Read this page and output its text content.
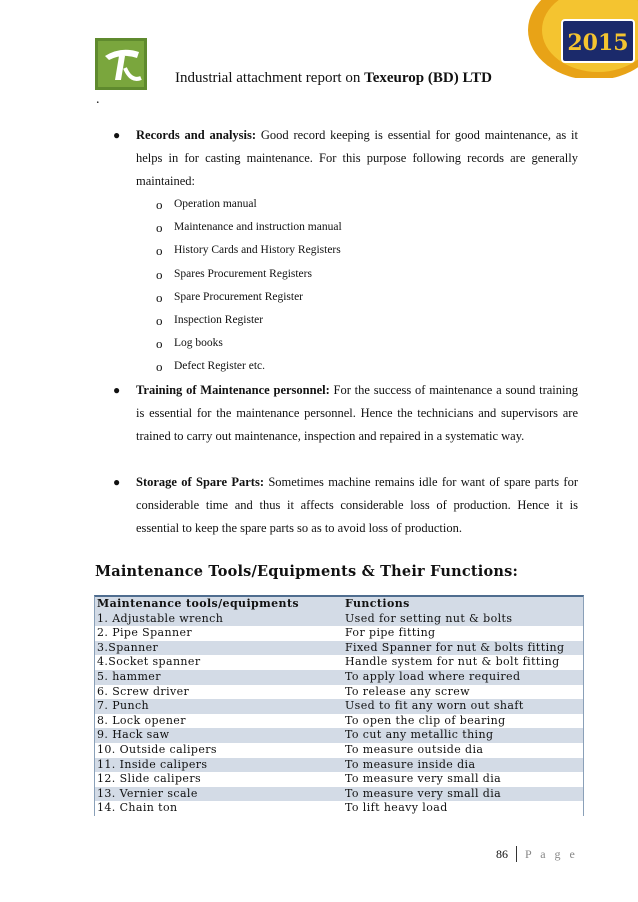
2015
Industrial attachment report on Texeurop (BD) LTD
.
● Records and analysis: Good record keeping is essential for good maintenance, as it helps in for casting maintenance. For this purpose following records are generally maintained:
o Operation manual
o Maintenance and instruction manual
o History Cards and History Registers
o Spares Procurement Registers
o Spare Procurement Register
o Inspection Register
o Log books
o Defect Register etc.
● Training of Maintenance personnel: For the success of maintenance a sound training is essential for the maintenance personnel. Hence the technicians and supervisors are trained to carry out maintenance, inspection and repaired in a systematic way.
● Storage of Spare Parts: Sometimes machine remains idle for want of spare parts for considerable time and thus it affects considerable loss of production. Hence it is essential to keep the spare parts so as to avoid loss of production.
Maintenance Tools/Equipments & Their Functions:
Maintenance tools/equipments	Functions
1. Adjustable wrench	Used for setting nut & bolts
2. Pipe Spanner	For pipe fitting
3.Spanner	Fixed Spanner for nut & bolts fitting
4.Socket spanner	Handle system for nut & bolt fitting
5. hammer	To apply load where required
6. Screw driver	To release any screw
7. Punch	Used to fit any worn out shaft
8. Lock opener	To open the clip of bearing
9. Hack saw	To cut any metallic thing
10. Outside calipers	To measure outside dia
11. Inside calipers	To measure inside dia
12. Slide calipers	To measure very small dia
13. Vernier scale	To measure very small dia
14. Chain ton	To lift heavy load
86 P a g e
